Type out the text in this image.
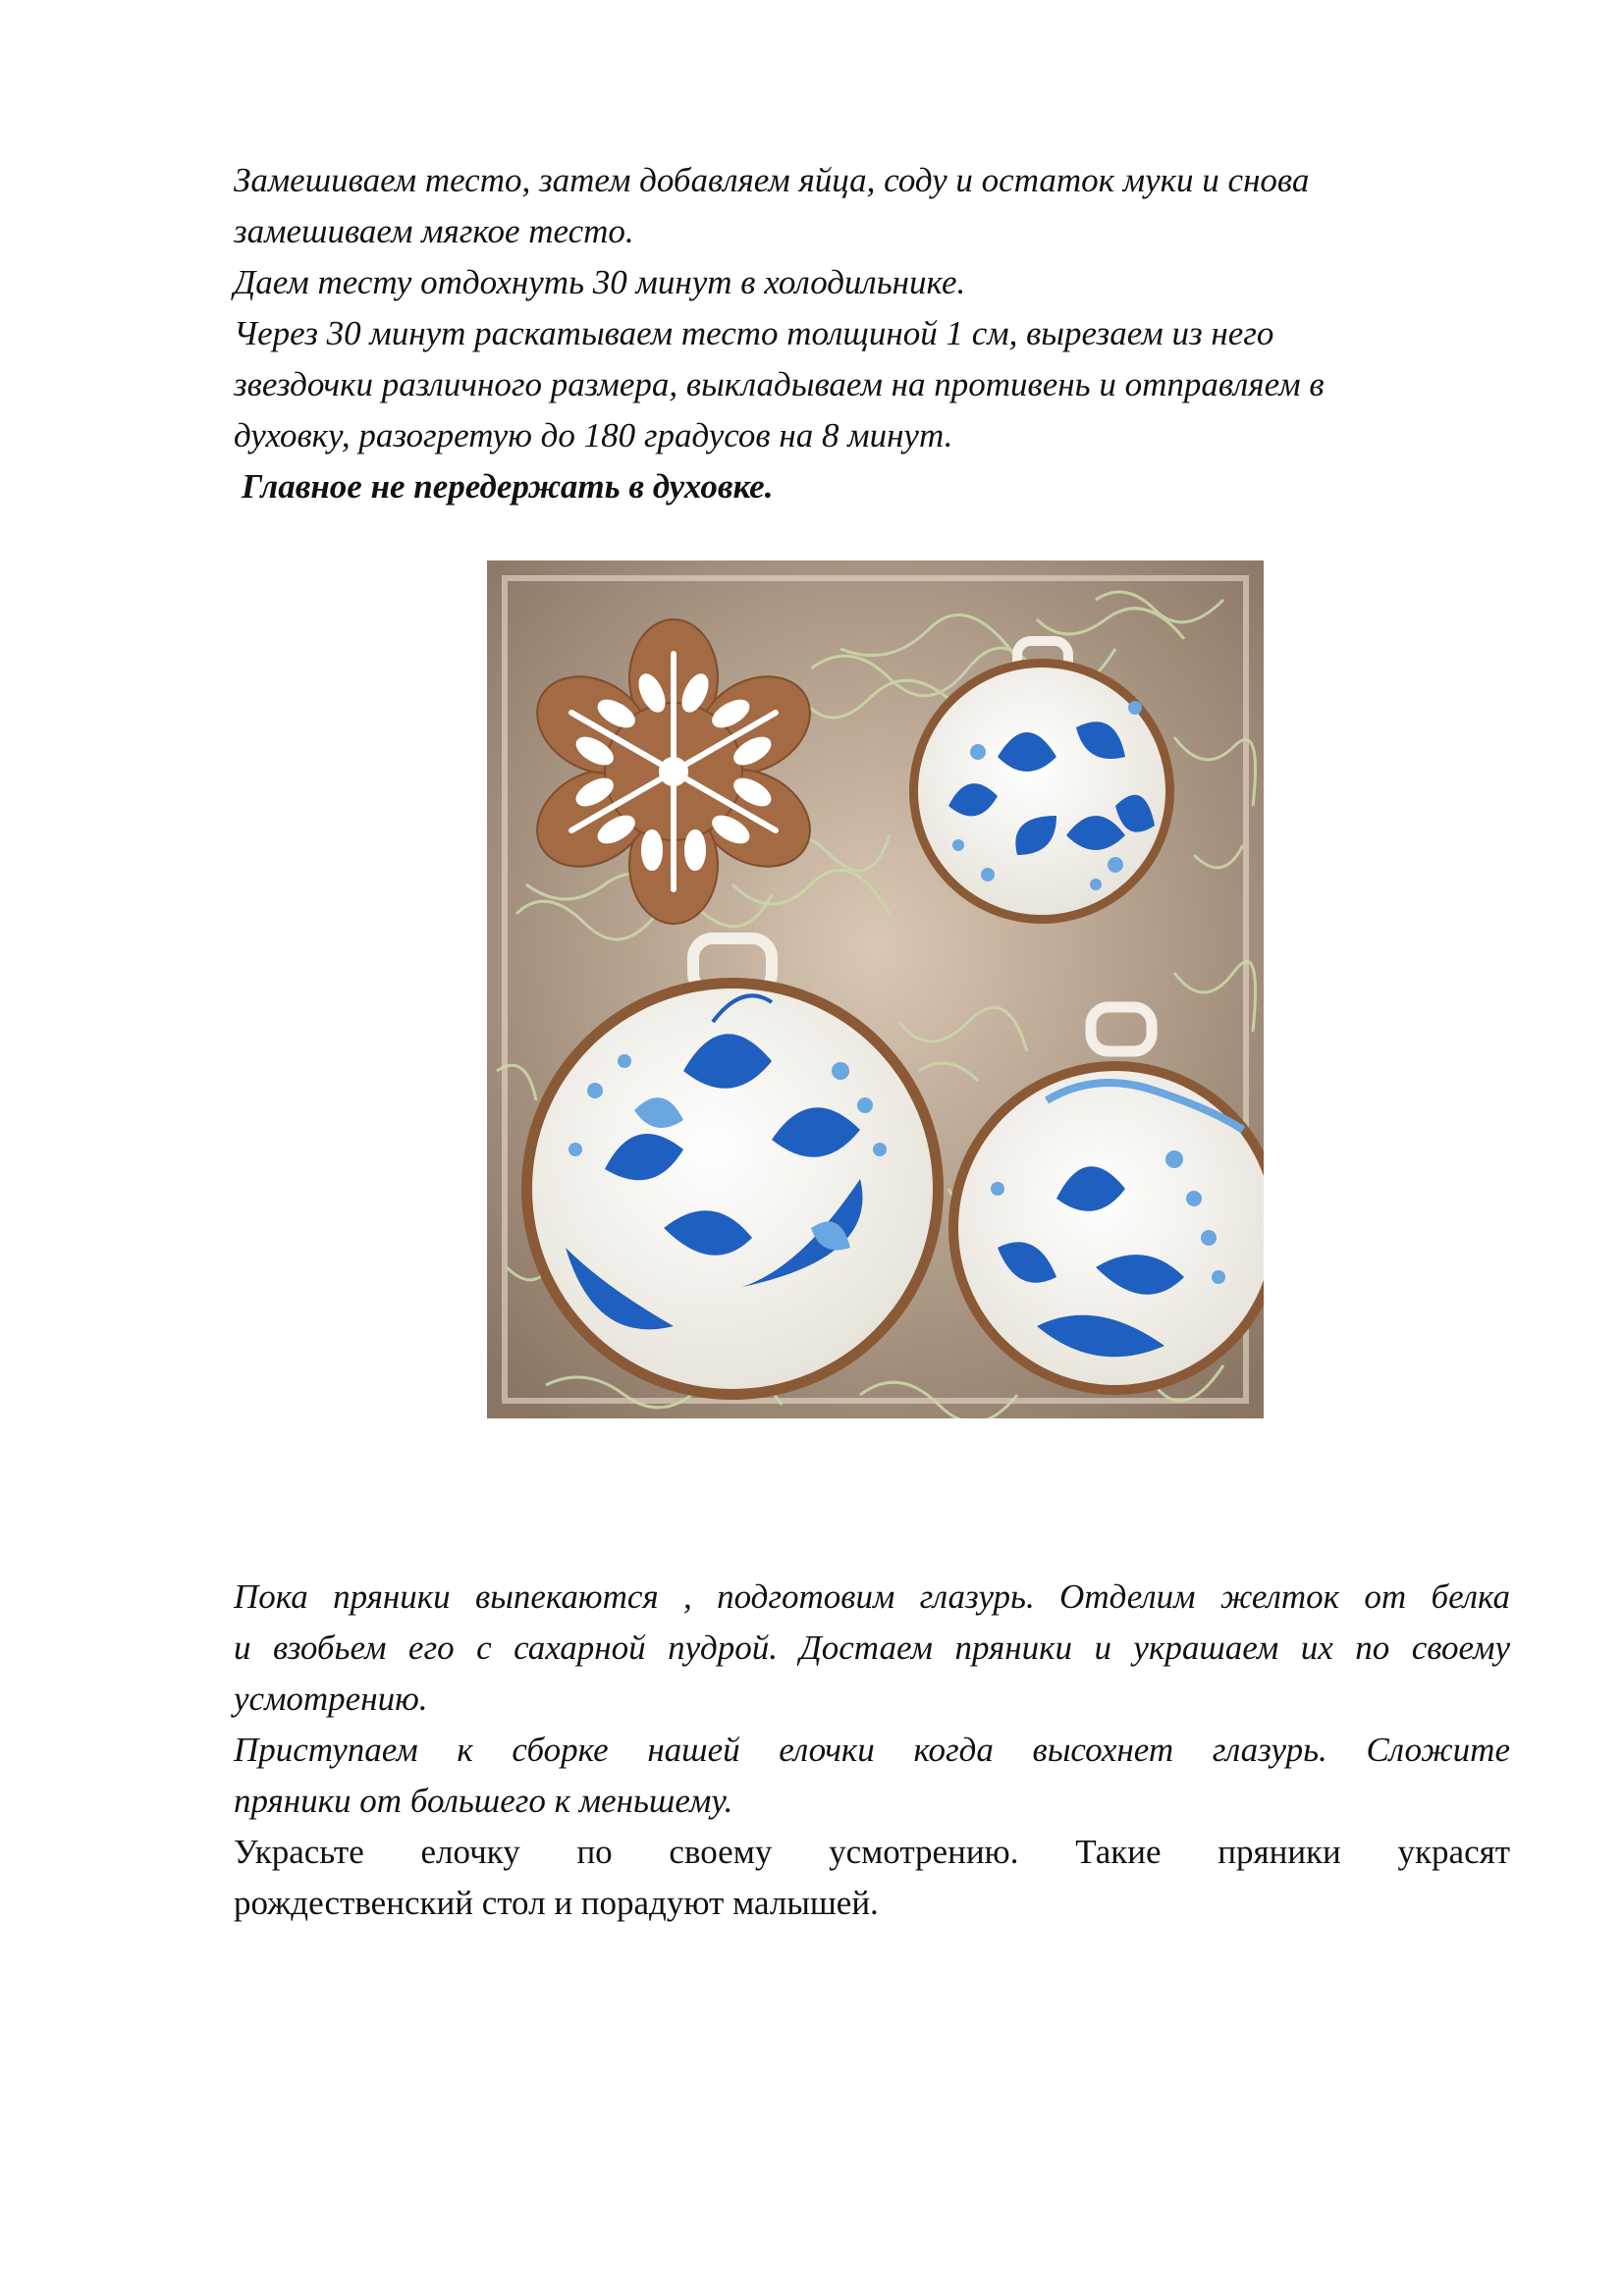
Замешиваем тесто, затем добавляем яйца, соду и остаток муки и снова
замешиваем мягкое тесто.
Даем тесту отдохнуть 30 минут в холодильнике.
Через 30 минут раскатываем тесто толщиной 1 см, вырезаем из него
звездочки различного размера, выкладываем на противень и отправляем в
духовку, разогретую до 180 градусов на 8 минут.
Главное не передержать в духовке.
Пока пряники выпекаются , подготовим глазурь. Отделим желток от белка
и взобьем его с сахарной пудрой. Достаем пряники и украшаем их по своему
усмотрению.
Приступаем к сборке нашей елочки когда высохнет глазурь. Сложите
пряники от большего к меньшему.
Украсьте елочку по своему усмотрению. Такие пряники украсят
рождественский стол и порадуют малышей.
